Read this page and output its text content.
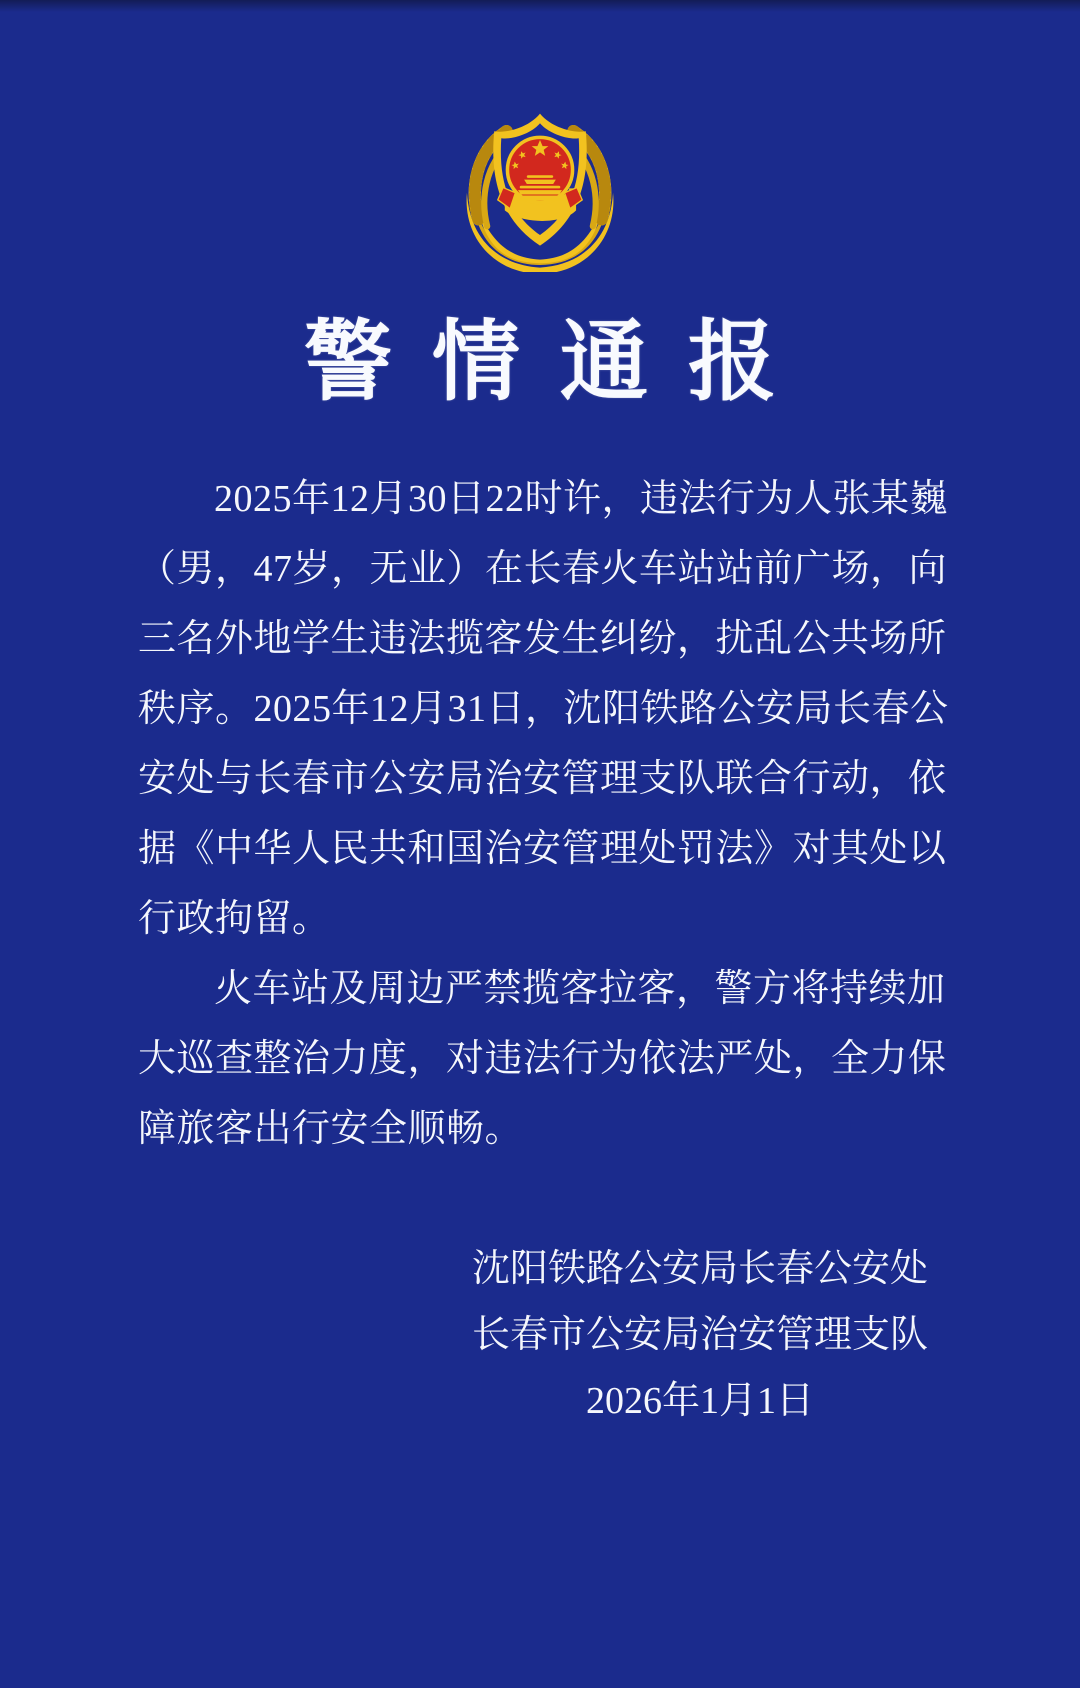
警情通报
2025年12月30日22时许，违法行为人张某巍
（男，47岁，无业）在长春火车站站前广场，向
三名外地学生违法揽客发生纠纷，扰乱公共场所
秩序。2025年12月31日，沈阳铁路公安局长春公
安处与长春市公安局治安管理支队联合行动，依
据《中华人民共和国治安管理处罚法》对其处以
行政拘留。
火车站及周边严禁揽客拉客，警方将持续加
大巡查整治力度，对违法行为依法严处，全力保
障旅客出行安全顺畅。
沈阳铁路公安局长春公安处
长春市公安局治安管理支队
2026年1月1日
